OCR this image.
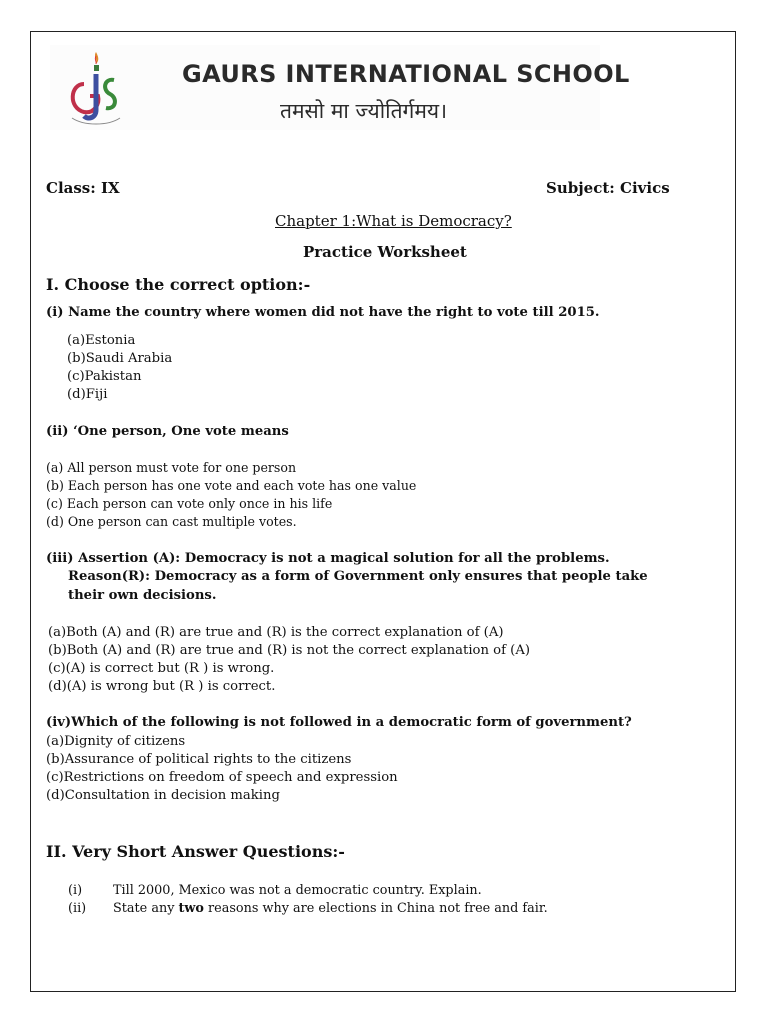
GAURS INTERNATIONAL SCHOOL
तमसो मा ज्योतिर्गमय।
Class: IX	Subject: Civics
Chapter 1:What is Democracy?
Practice Worksheet
I. Choose the correct option:-
(i) Name the country where women did not have the right to vote till 2015.
(a)Estonia
(b)Saudi Arabia
(c)Pakistan
(d)Fiji
(ii) ‘One person, One vote means
(a) All person must vote for one person
(b) Each person has one vote and each vote has one value
(c) Each person can vote only once in his life
(d) One person can cast multiple votes.
(iii) Assertion (A): Democracy is not a magical solution for all the problems.
Reason(R): Democracy as a form of Government only ensures that people take
their own decisions.
(a)Both (A) and (R) are true and (R) is the correct explanation of (A)
(b)Both (A) and (R) are true and (R) is not the correct explanation of (A)
(c)(A) is correct but (R ) is wrong.
(d)(A) is wrong but (R ) is correct.
(iv)Which of the following is not followed in a democratic form of government?
(a)Dignity of citizens
(b)Assurance of political rights to the citizens
(c)Restrictions on freedom of speech and expression
(d)Consultation in decision making
II. Very Short Answer Questions:-
(i) Till 2000, Mexico was not a democratic country. Explain.
(ii) State any two reasons why are elections in China not free and fair.
